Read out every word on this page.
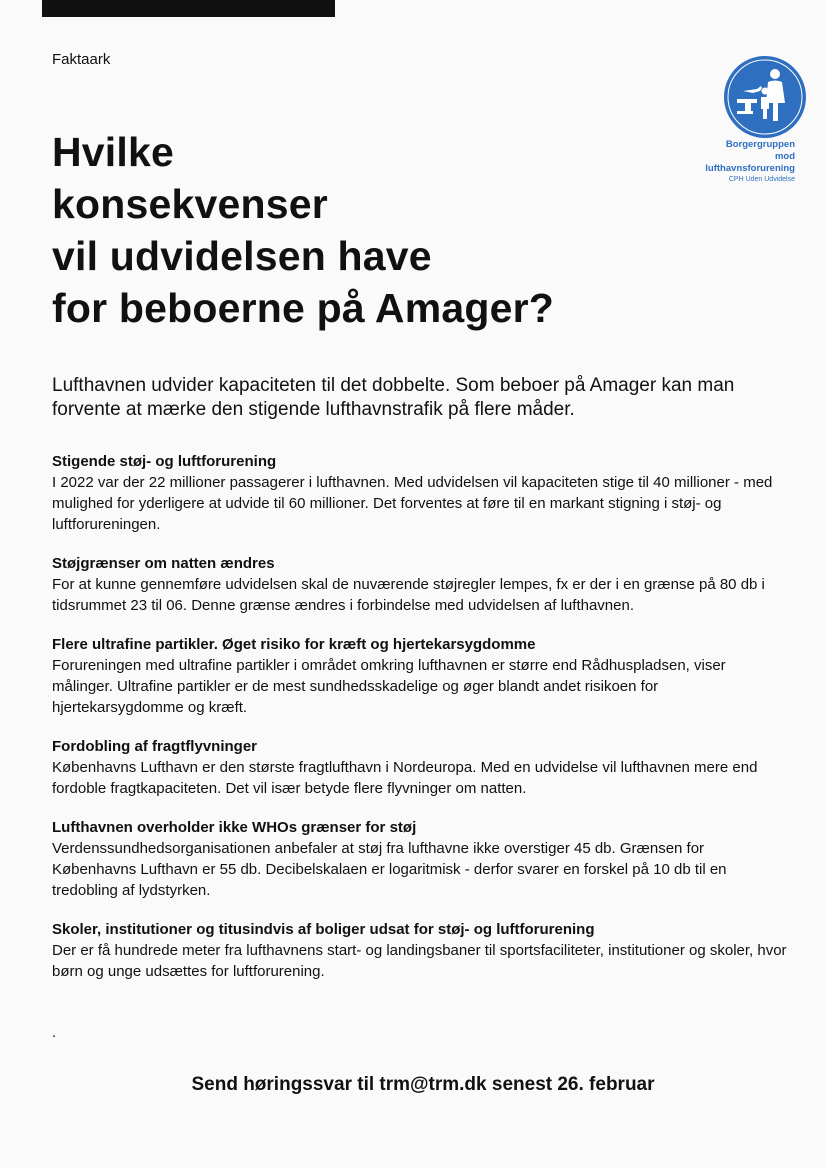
Faktaark
Hvilke
konsekvenser
vil udvidelsen have
for beboerne på Amager?
Borgergruppen
mod
lufthavnsforurening
CPH Uden Udvidelse

Lufthavnen udvider kapaciteten til det dobbelte. Som beboer på Amager kan man forvente at mærke den stigende lufthavnstrafik på flere måder.

Stigende støj- og luftforurening

I 2022 var der 22 millioner passagerer i lufthavnen. Med udvidelsen vil kapaciteten stige til 40 millioner - med mulighed for yderligere at udvide til 60 millioner. Det forventes at føre til en markant stigning i støj- og luftforureningen.

Støjgrænser om natten ændres

For at kunne gennemføre udvidelsen skal de nuværende støjregler lempes, fx er der i en grænse på 80 db i tidsrummet 23 til 06. Denne grænse ændres i forbindelse med udvidelsen af lufthavnen.

Flere ultrafine partikler. Øget risiko for kræft og hjertekarsygdomme

Forureningen med ultrafine partikler i området omkring lufthavnen er større end Rådhuspladsen, viser målinger. Ultrafine partikler er de mest sundhedsskadelige og øger blandt andet risikoen for hjertekarsygdomme og kræft.

Fordobling af fragtflyvninger

Københavns Lufthavn er den største fragtlufthavn i Nordeuropa. Med en udvidelse vil lufthavnen mere end fordoble fragtkapaciteten. Det vil især betyde flere flyvninger om natten.

Lufthavnen overholder ikke WHOs grænser for støj

Verdenssundhedsorganisationen anbefaler at støj fra lufthavne ikke overstiger 45 db. Grænsen for Københavns Lufthavn er 55 db. Decibelskalaen er logaritmisk - derfor svarer en forskel på 10 db til en tredobling af lydstyrken.

Skoler, institutioner og titusindvis af boliger udsat for støj- og luftforurening

Der er få hundrede meter fra lufthavnens start- og landingsbaner til sportsfaciliteter, institutioner og skoler, hvor børn og unge udsættes for luftforurening.

.
Send høringssvar til trm@trm.dk senest 26. februar
